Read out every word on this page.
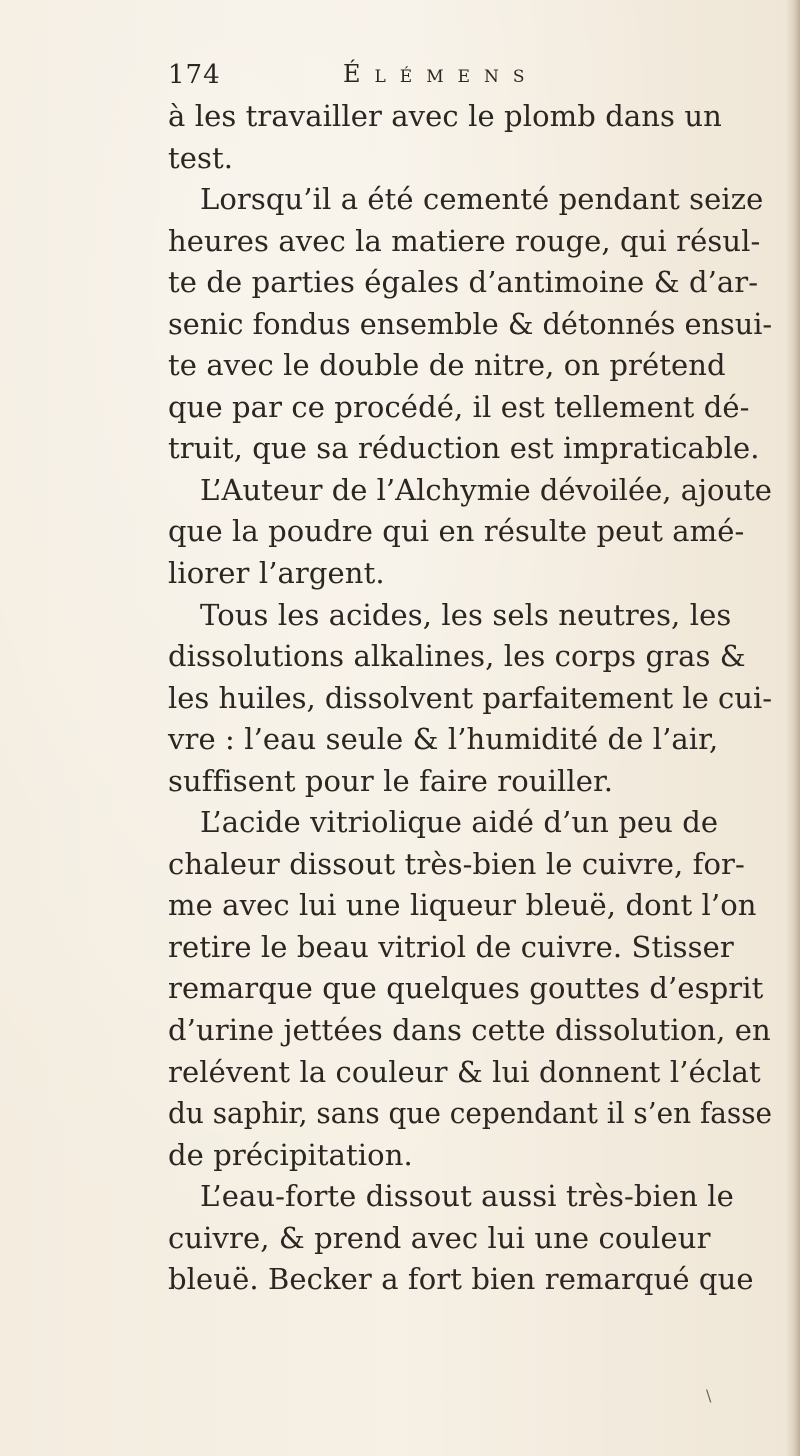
174	Élémens
à les travailler avec le plomb dans un
test.
Lorsqu’il a été cementé pendant seize
heures avec la matiere rouge, qui résul-
te de parties égales d’antimoine & d’ar-
senic fondus ensemble & détonnés ensui-
te avec le double de nitre, on prétend
que par ce procédé, il est tellement dé-
truit, que sa réduction est impraticable.
L’Auteur de l’Alchymie dévoilée, ajoute
que la poudre qui en résulte peut amé-
liorer l’argent.
Tous les acides, les sels neutres, les
dissolutions alkalines, les corps gras &
les huiles, dissolvent parfaitement le cui-
vre : l’eau seule & l’humidité de l’air,
suffisent pour le faire rouiller.
L’acide vitriolique aidé d’un peu de
chaleur dissout très-bien le cuivre, for-
me avec lui une liqueur bleuë, dont l’on
retire le beau vitriol de cuivre. Stisser
remarque que quelques gouttes d’esprit
d’urine jettées dans cette dissolution, en
relévent la couleur & lui donnent l’éclat
du saphir, sans que cependant il s’en fasse
de précipitation.
L’eau-forte dissout aussi très-bien le
cuivre, & prend avec lui une couleur
bleuë. Becker a fort bien remarqué que
\
